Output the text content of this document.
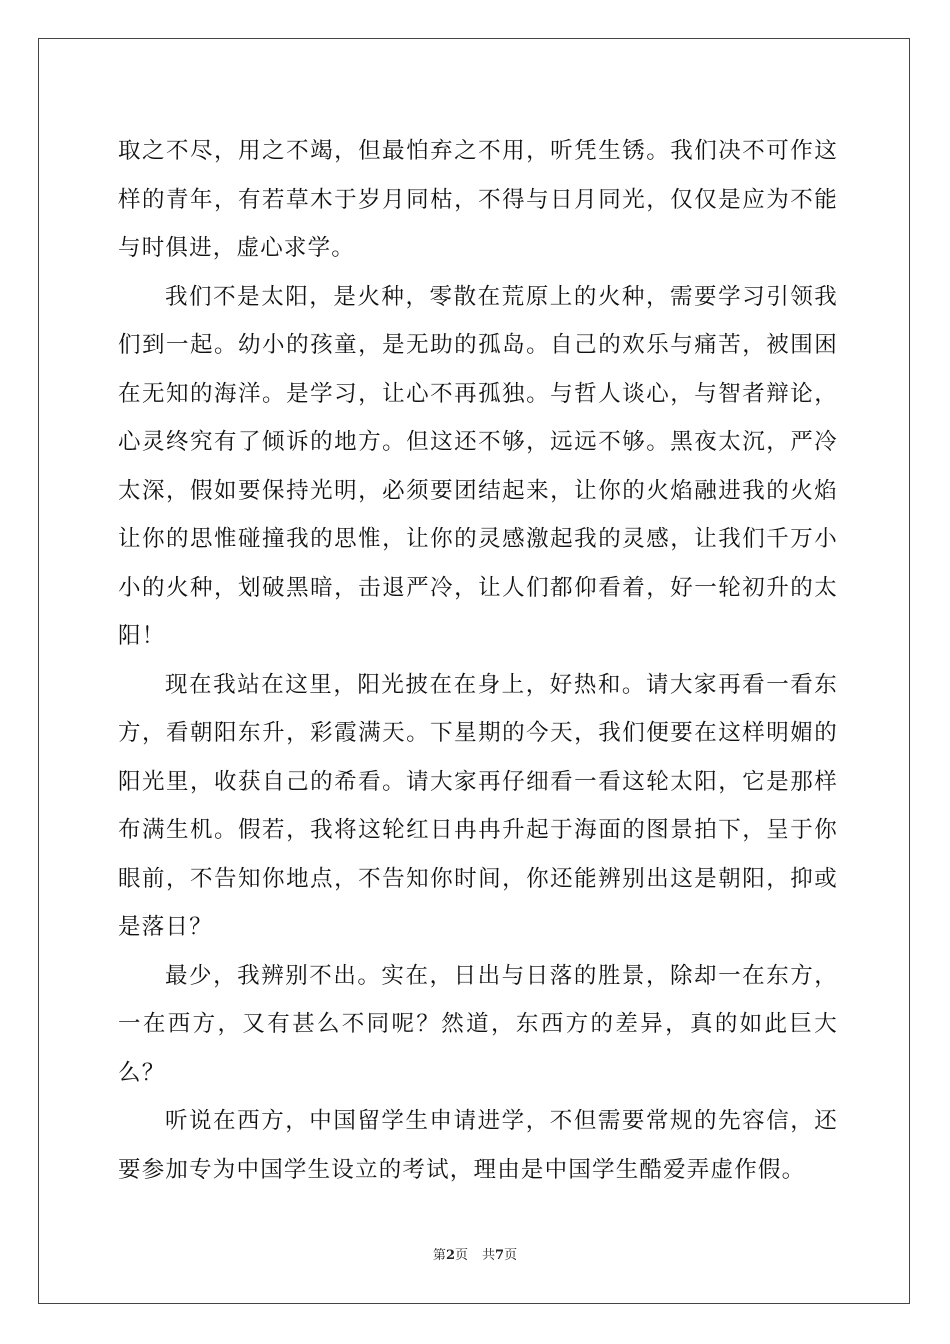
取之不尽，用之不竭，但最怕弃之不用，听凭生锈。我们决不可作这样的青年，有若草木于岁月同枯，不得与日月同光，仅仅是应为不能与时俱进，虚心求学。

我们不是太阳，是火种，零散在荒原上的火种，需要学习引领我们到一起。幼小的孩童，是无助的孤岛。自己的欢乐与痛苦，被围困在无知的海洋。是学习，让心不再孤独。与哲人谈心，与智者辩论，心灵终究有了倾诉的地方。但这还不够，远远不够。黑夜太沉，严冷太深，假如要保持光明，必须要团结起来，让你的火焰融进我的火焰让你的思惟碰撞我的思惟，让你的灵感激起我的灵感，让我们千万小小的火种，划破黑暗，击退严冷，让人们都仰看着，好一轮初升的太阳！

现在我站在这里，阳光披在在身上，好热和。请大家再看一看东方，看朝阳东升，彩霞满天。下星期的今天，我们便要在这样明媚的阳光里，收获自己的希看。请大家再仔细看一看这轮太阳，它是那样布满生机。假若，我将这轮红日冉冉升起于海面的图景拍下，呈于你眼前，不告知你地点，不告知你时间，你还能辨别出这是朝阳，抑或是落日？

最少，我辨别不出。实在，日出与日落的胜景，除却一在东方，一在西方，又有甚么不同呢？然道，东西方的差异，真的如此巨大么？

听说在西方，中国留学生申请进学，不但需要常规的先容信，还要参加专为中国学生设立的考试，理由是中国学生酷爱弄虚作假。

第2页 共7页
